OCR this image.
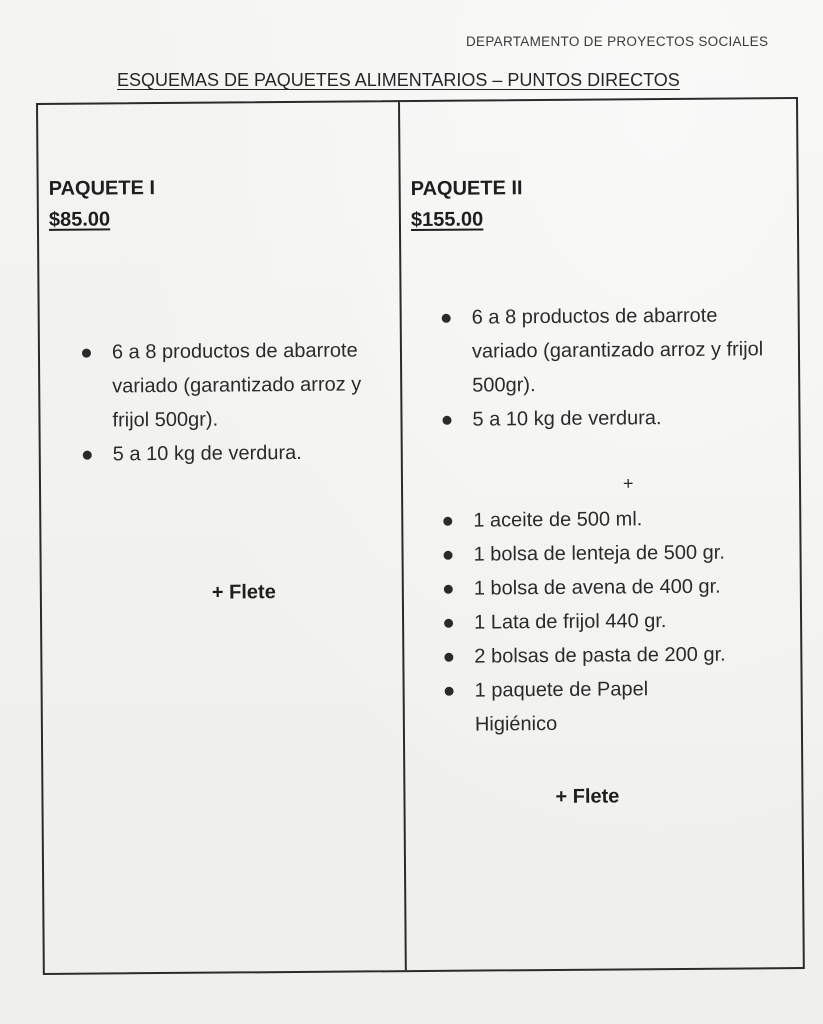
DEPARTAMENTO DE PROYECTOS SOCIALES
ESQUEMAS DE PAQUETES ALIMENTARIOS – PUNTOS DIRECTOS
PAQUETE I
$85.00
6 a 8 productos de abarrote variado (garantizado arroz y frijol 500gr).
5 a 10 kg de verdura.
+ Flete
PAQUETE II
$155.00
6 a 8 productos de abarrote variado (garantizado arroz y frijol 500gr).
5 a 10 kg de verdura.
+
1 aceite de 500 ml.
1 bolsa de lenteja de 500 gr.
1 bolsa de avena de 400 gr.
1 Lata de frijol 440 gr.
2 bolsas de pasta de 200 gr.
1 paquete de Papel Higiénico
+ Flete
